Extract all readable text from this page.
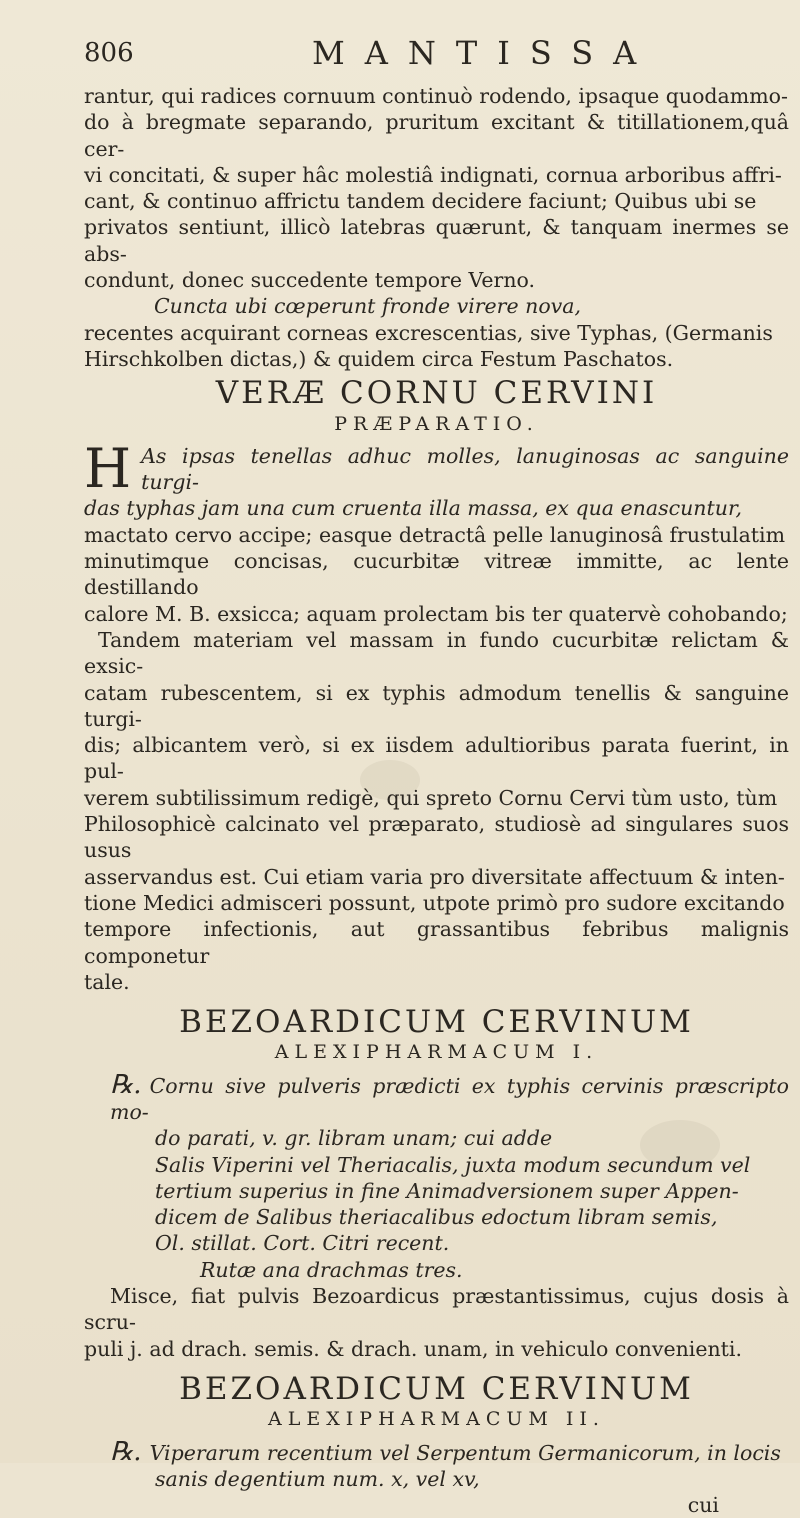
806	MANTISSA

rantur, qui radices cornuum continuò rodendo, ipsaque quodammo-

do à bregmate separando, pruritum excitant & titillationem,quâ cer-

vi concitati, & super hâc molestiâ indignati, cornua arboribus affri-

cant, & continuo affrictu tandem decidere faciunt; Quibus ubi se

privatos sentiunt, illicò latebras quærunt, & tanquam inermes se abs-

condunt, donec succedente tempore Verno.

Cuncta ubi cœperunt fronde virere nova,

recentes acquirant corneas excrescentias, sive Typhas, (Germanis

Hirschkolben dictas,) & quidem circa Festum Paschatos.

VERÆ CORNU CERVINI

PRÆPARATIO.

H As ipsas tenellas adhuc molles, lanuginosas ac sanguine turgi-

das typhas jam una cum cruenta illa massa, ex qua enascuntur,

mactato cervo accipe; easque detractâ pelle lanuginosâ frustulatim

minutimque concisas, cucurbitæ vitreæ immitte, ac lente destillando

calore M. B. exsicca; aquam prolectam bis ter quatervè cohobando;

Tandem materiam vel massam in fundo cucurbitæ relictam & exsic-

catam rubescentem, si ex typhis admodum tenellis & sanguine turgi-

dis; albicantem verò, si ex iisdem adultioribus parata fuerint, in pul-

verem subtilissimum redigè, qui spreto Cornu Cervi tùm usto, tùm

Philosophicè calcinato vel præparato, studiosè ad singulares suos usus

asservandus est. Cui etiam varia pro diversitate affectuum & inten-

tione Medici admisceri possunt, utpote primò pro sudore excitando

tempore infectionis, aut grassantibus febribus malignis componetur

tale.

BEZOARDICUM CERVINUM

ALEXIPHARMACUM I.

℞. Cornu sive pulveris prædicti ex typhis cervinis præscripto mo-

do parati, v. gr. libram unam; cui adde

Salis Viperini vel Theriacalis, juxta modum secundum vel

tertium superius in fine Animadversionem super Appen-

dicem de Salibus theriacalibus edoctum libram semis,

Ol. stillat. Cort. Citri recent.

Rutæ ana drachmas tres.

Misce, fiat pulvis Bezoardicus præstantissimus, cujus dosis à scru-

puli j. ad drach. semis. & drach. unam, in vehiculo convenienti.

BEZOARDICUM CERVINUM

ALEXIPHARMACUM II.

℞. Viperarum recentium vel Serpentum Germanicorum, in locis

sanis degentium num. x, vel xv,

cui
